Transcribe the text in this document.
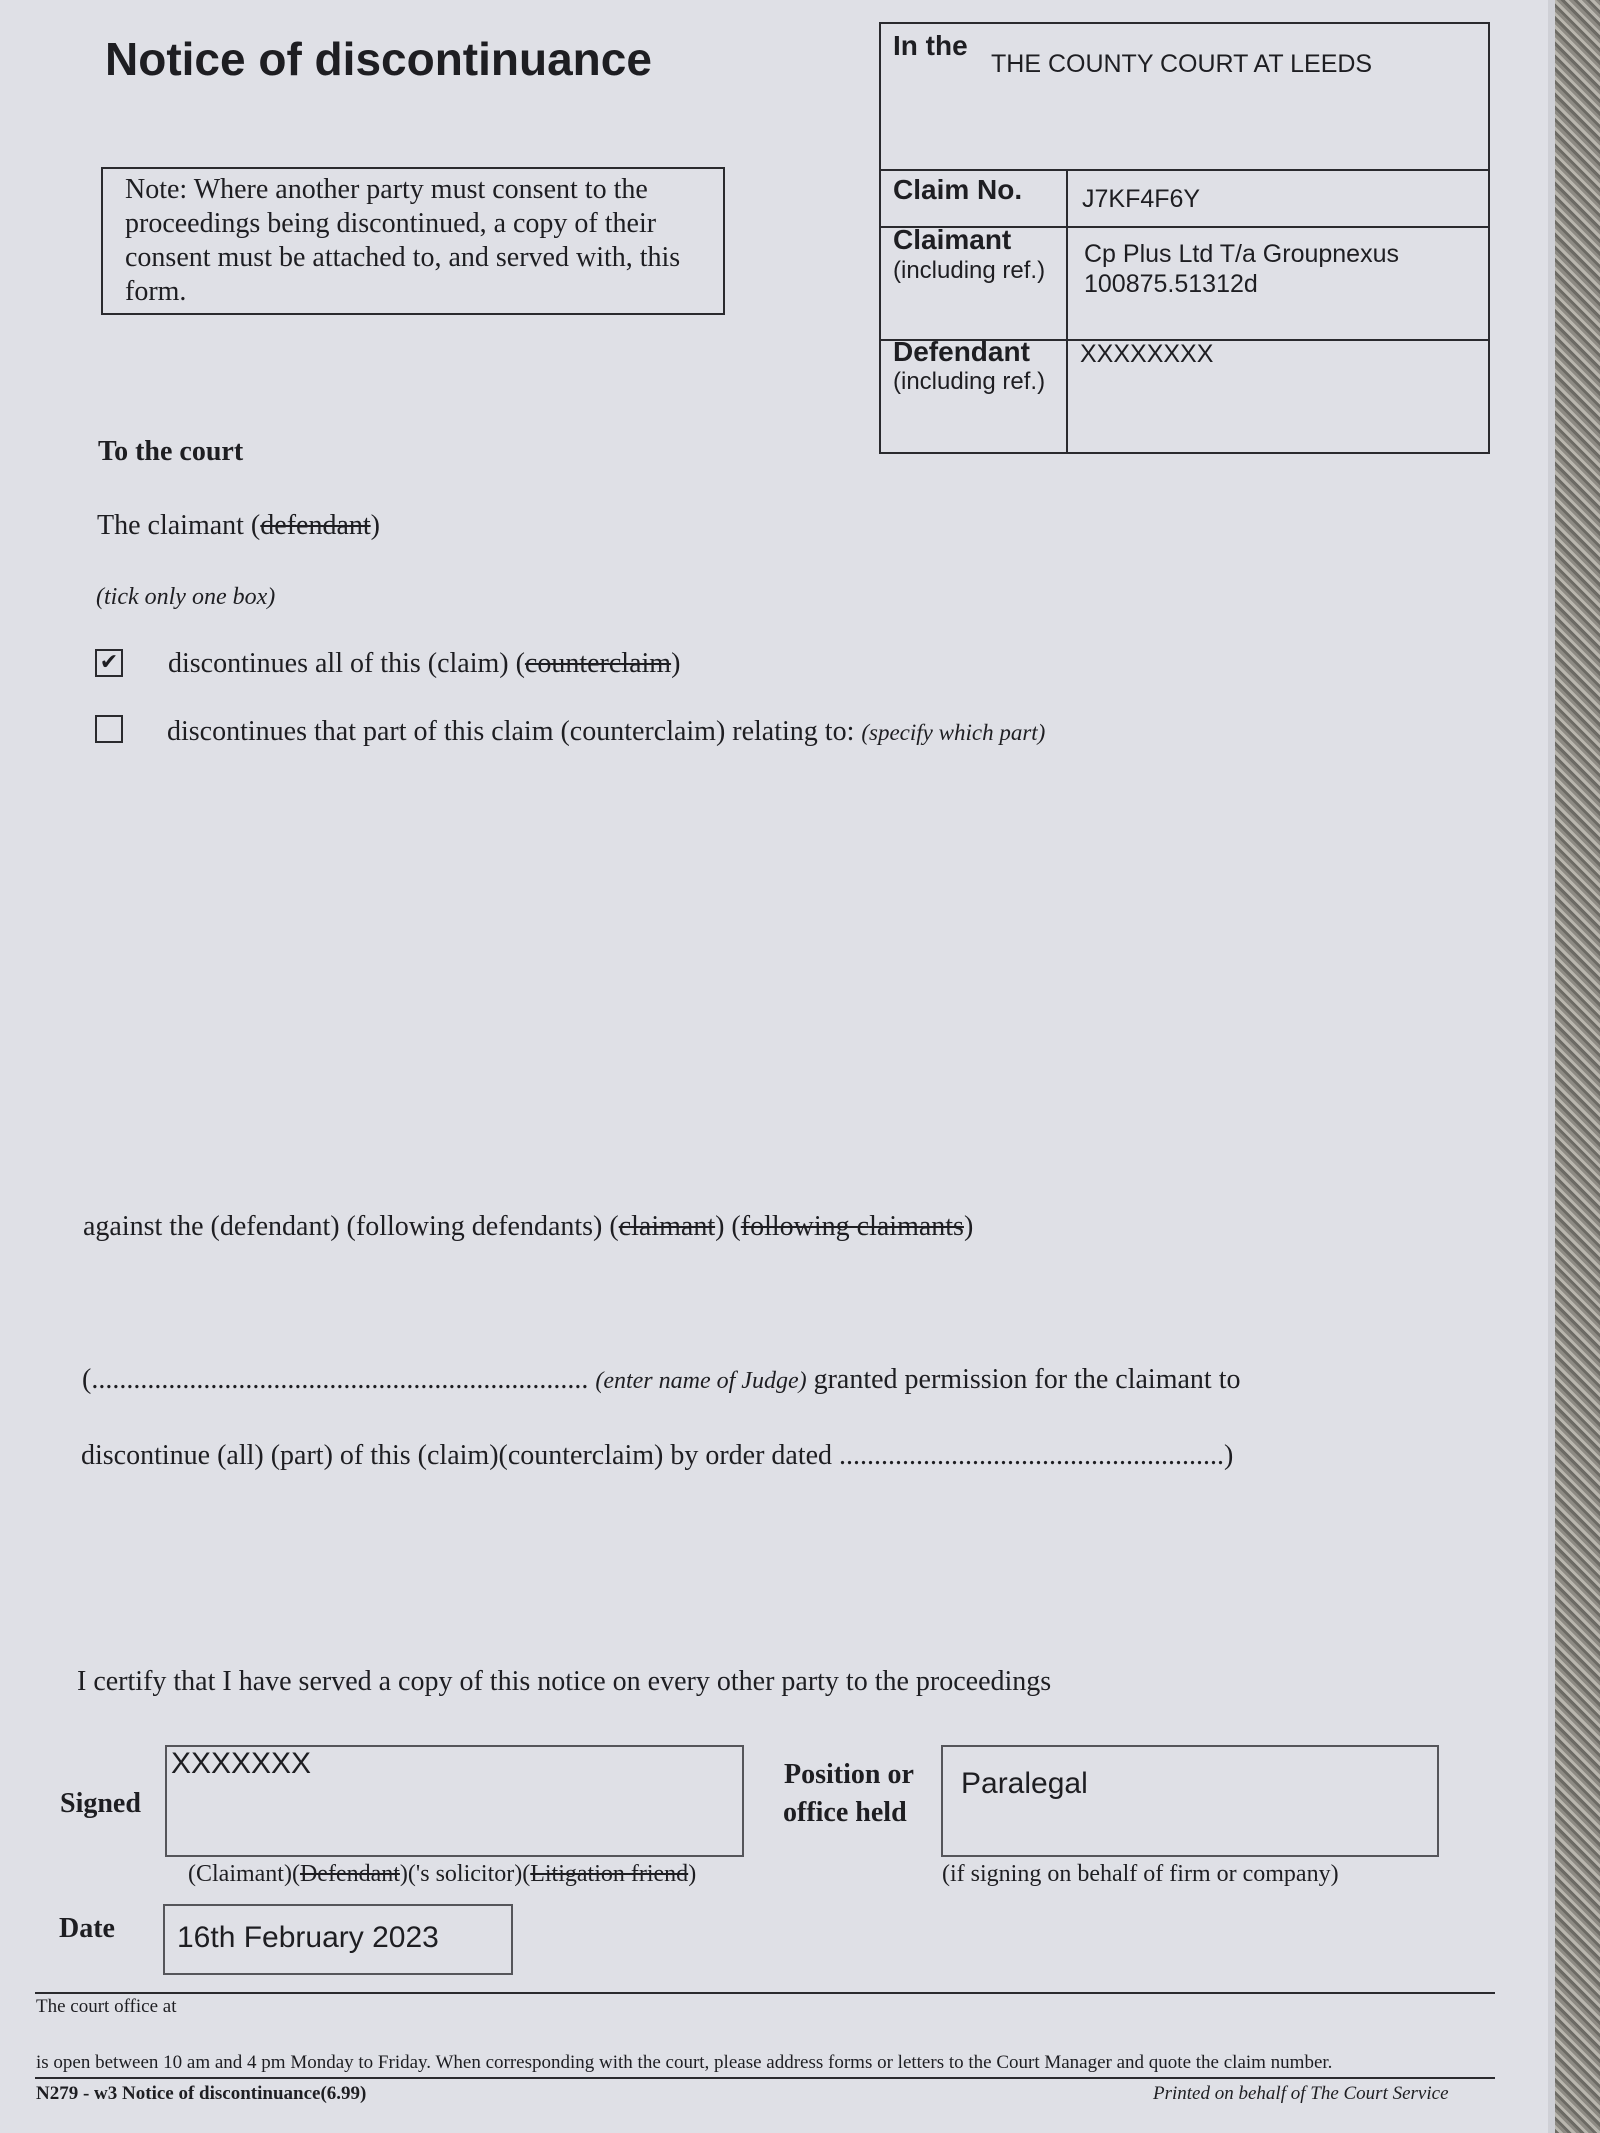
Notice of discontinuance
Note: Where another party must consent to the proceedings being discontinued, a copy of their consent must be attached to, and served with, this form.
In the
THE COUNTY COURT AT LEEDS
Claim No. J7KF4F6Y
Claimant
(including ref.)
Cp Plus Ltd T/a Groupnexus
100875.51312d
Defendant
(including ref.)
XXXXXXXX
To the court
The claimant (defendant)
(tick only one box)
✔ discontinues all of this (claim) (counterclaim)
discontinues that part of this claim (counterclaim) relating to: (specify which part)
against the (defendant) (following defendants) (claimant) (following claimants)
(....................................................................... (enter name of Judge) granted permission for the claimant to
discontinue (all) (part) of this (claim)(counterclaim) by order dated .......................................................)
I certify that I have served a copy of this notice on every other party to the proceedings
Signed
XXXXXXX
(Claimant)(Defendant)('s solicitor)(Litigation friend)
Position or
office held
Paralegal
(if signing on behalf of firm or company)
Date 16th February 2023
The court office at
is open between 10 am and 4 pm Monday to Friday. When corresponding with the court, please address forms or letters to the Court Manager and quote the claim number.
N279 - w3 Notice of discontinuance(6.99)	Printed on behalf of The Court Service
